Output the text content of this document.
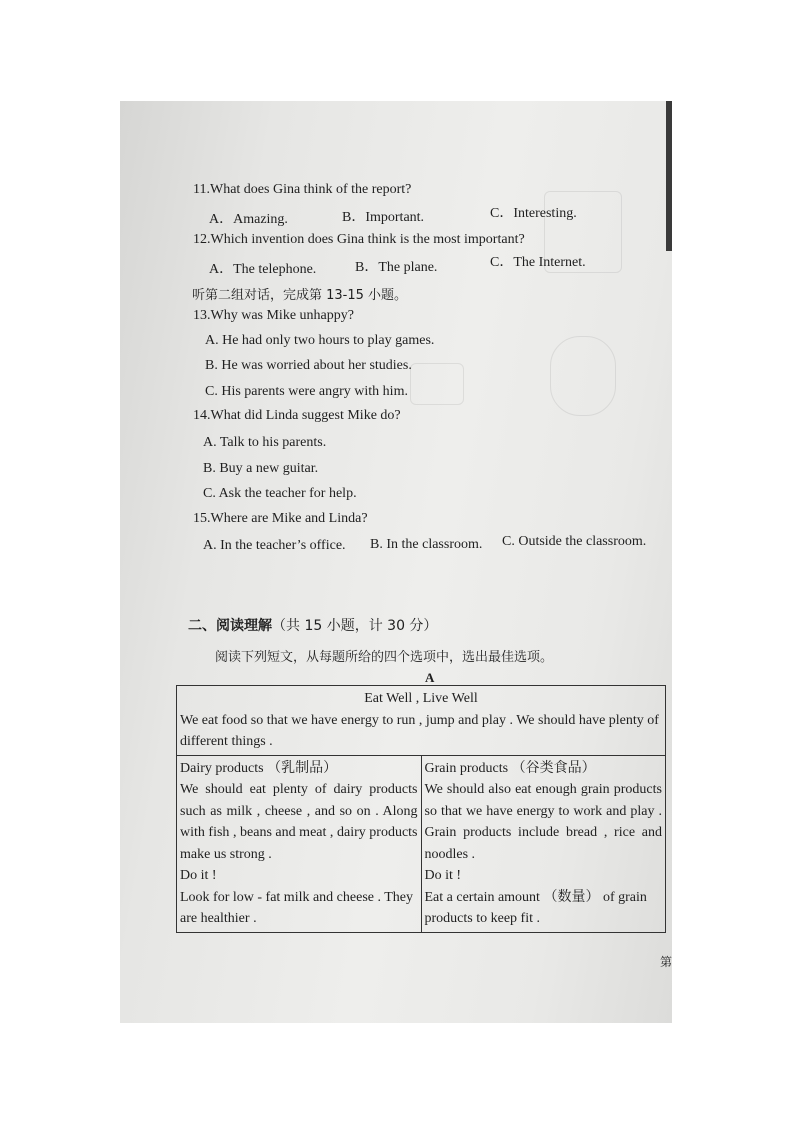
11.What does Gina think of the report?
A．Amazing.	B．Important.	C．Interesting.
12.Which invention does Gina think is the most important?
A．The telephone.	B．The plane.	C．The Internet.
听第二组对话，完成第 13-15 小题。
13.Why was Mike unhappy?
A. He had only two hours to play games.
B. He was worried about her studies.
C. His parents were angry with him.
14.What did Linda suggest Mike do?
A. Talk to his parents.
B. Buy a new guitar.
C. Ask the teacher for help.
15.Where are Mike and Linda?
A. In the teacher’s office. B. In the classroom. C. Outside the classroom.
二、阅读理解（共 15 小题，计 30 分）
阅读下列短文，从每题所给的四个选项中，选出最佳选项。
A
Eat Well , Live Well
We eat food so that we have energy to run , jump and play . We should have plenty of different things .

Dairy products （乳制品）
We should eat plenty of dairy products such as milk , cheese , and so on . Along with fish , beans and meat , dairy products make us strong .
Do it !
Look for low - fat milk and cheese . They are healthier .

Grain products （谷类食品）
We should also eat enough grain products so that we have energy to work and play . Grain products include bread , rice and noodles .
Do it !
Eat a certain amount （数量） of grain products to keep fit .
第
